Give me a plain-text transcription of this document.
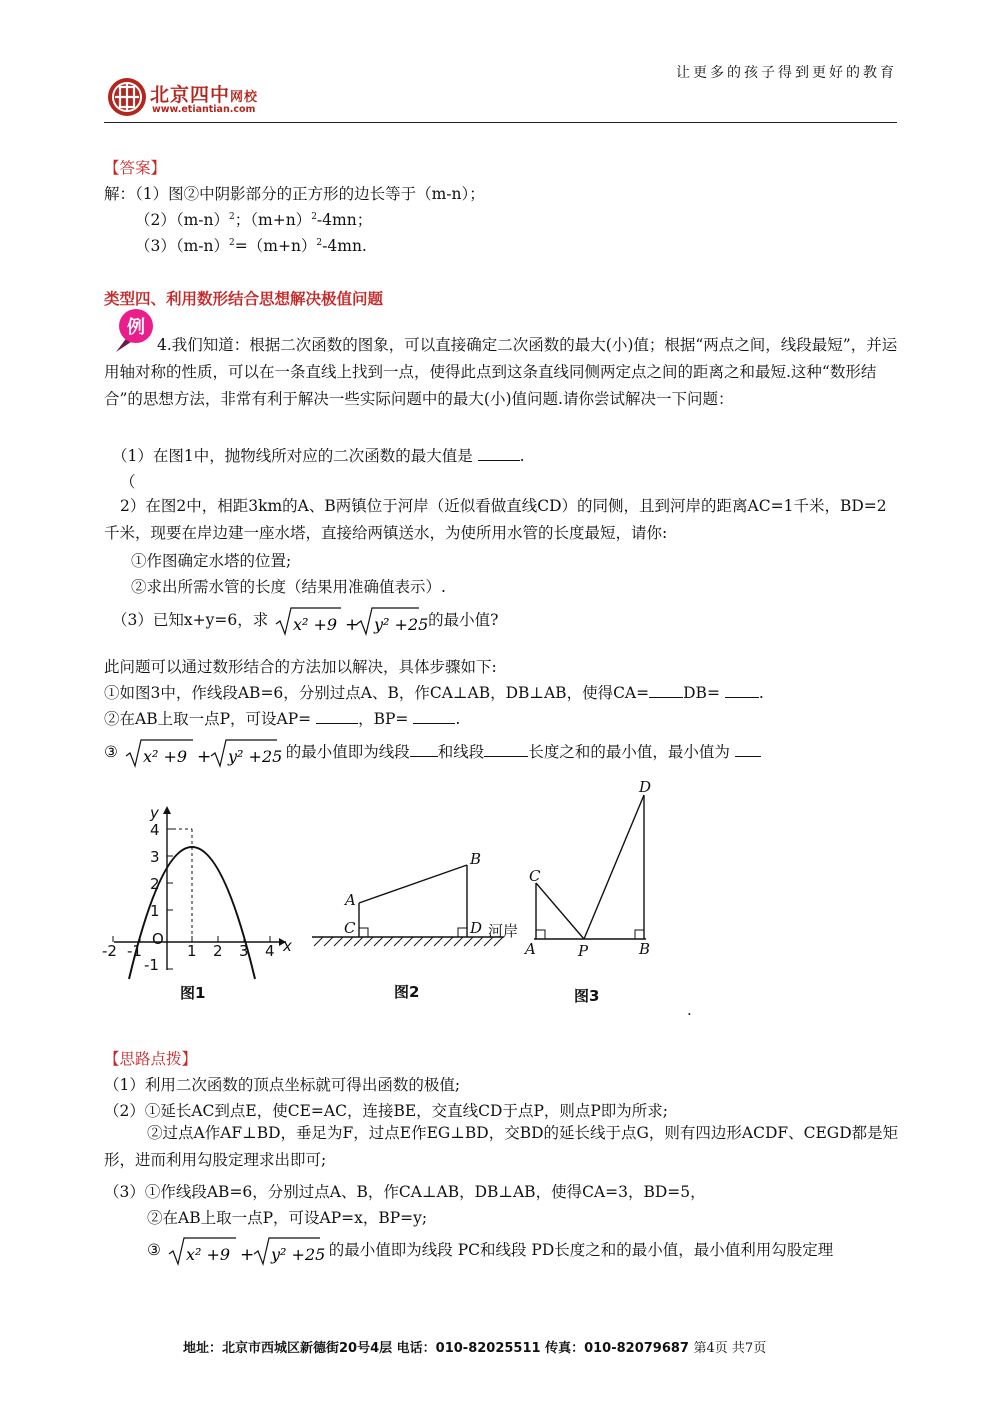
让更多的孩子得到更好的教育
北京四中网校
www.etiantian.com
【答案】
解：（1）图②中阴影部分的正方形的边长等于（m-n）；
$(2)(m-n)^2$；$(m+n)^2-4mn$；
$(3)(m-n)^2=(m+n)^2-4mn$.
类型四、利用数形结合思想解决极值问题
例
4.我们知道：根据二次函数的图象，可以直接确定二次函数的最大(小)值；根据“两点之间，线段最短”，并运用轴对称的性质，可以在一条直线上找到一点，使得此点到这条直线同侧两定点之间的距离之和最短.这种“数形结合”的思想方法，非常有利于解决一些实际问题中的最大(小)值问题.请你尝试解决一下问题：
（1）在图1中，抛物线所对应的二次函数的最大值是	.
（
2）在图2中，相距3km的A、B两镇位于河岸（近似看做直线CD）的同侧，且到河岸的距离AC=1千米，BD=2千米，现要在岸边建一座水塔，直接给两镇送水，为使所用水管的长度最短，请你:
①作图确定水塔的位置;
②求出所需水管的长度（结果用准确值表示）.
（3）已知x+y=6，求 x² +9 + y² +25 的最小值?
此问题可以通过数形结合的方法加以解决，具体步骤如下:
①如图3中，作线段AB=6，分别过点A、B，作CA⊥AB，DB⊥AB，使得CA= DB=	.
②在AB上取一点P，可设AP=	，BP=	.
③ x² +9 + y² +25 的最小值即为线段 和线段	长度之和的最小值，最小值为
y
x
4
3
2
1
-1
O
-2 -1	1 2 3 4
图1
A
B
C	D 河岸
图2
C
D
A	P	B
图3
.
【思路点拨】
（1）利用二次函数的顶点坐标就可得出函数的极值;
（2）①延长AC到点E，使CE=AC，连接BE，交直线CD于点P，则点P即为所求;
②过点A作AF⊥BD，垂足为F，过点E作EG⊥BD，交BD的延长线于点G，则有四边形ACDF、CEGD都是矩形，进而利用勾股定理求出即可;
（3）①作线段AB=6，分别过点A、B，作CA⊥AB，DB⊥AB，使得CA=3，BD=5，
②在AB上取一点P，可设AP=x，BP=y;
③ x² +9 + y² +25 的最小值即为线段 PC和线段 PD长度之和的最小值，最小值利用勾股定理
地址：北京市西城区新德街20号4层 电话：010-82025511 传真：010-82079687 第4页 共7页
